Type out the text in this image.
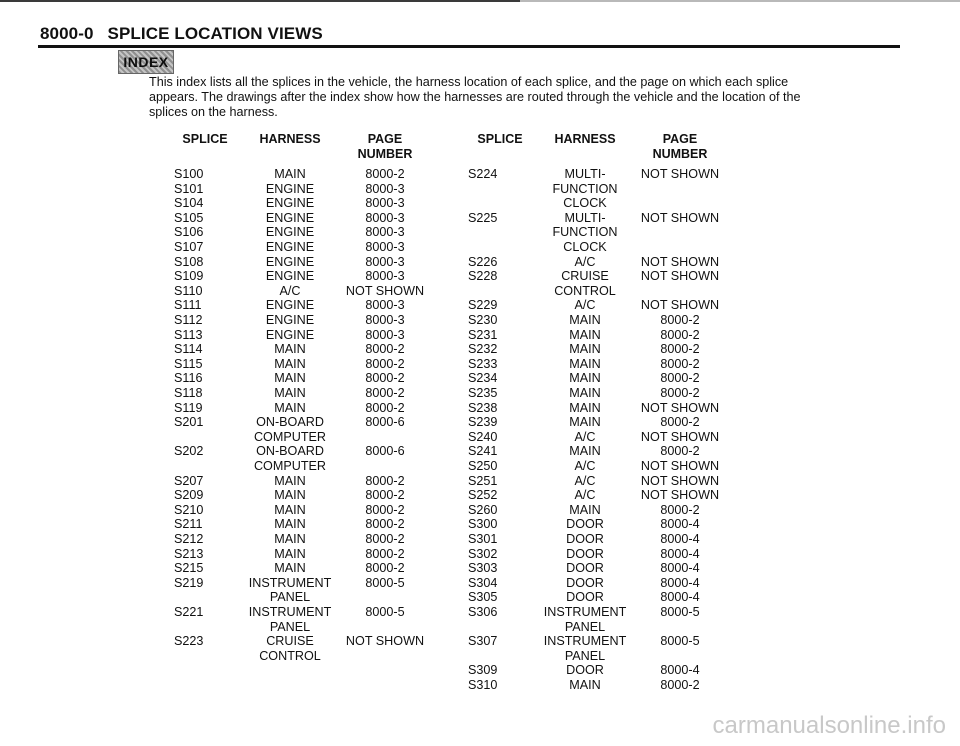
8000-0 SPLICE LOCATION VIEWS
INDEX
This index lists all the splices in the vehicle, the harness location of each splice, and the page on which each splice appears. The drawings after the index show how the harnesses are routed through the vehicle and the location of the splices on the harness.
SPLICE	HARNESS	PAGE
NUMBER
SPLICE	HARNESS	PAGE
NUMBER
S100	MAIN	8000-2
S101	ENGINE	8000-3
S104	ENGINE	8000-3
S105	ENGINE	8000-3
S106	ENGINE	8000-3
S107	ENGINE	8000-3
S108	ENGINE	8000-3
S109	ENGINE	8000-3
S110	A/C	NOT SHOWN
S111	ENGINE	8000-3
S112	ENGINE	8000-3
S113	ENGINE	8000-3
S114	MAIN	8000-2
S115	MAIN	8000-2
S116	MAIN	8000-2
S118	MAIN	8000-2
S119	MAIN	8000-2
S201	ON-BOARD
COMPUTER
8000-6
S202	ON-BOARD
COMPUTER
8000-6
S207	MAIN	8000-2
S209	MAIN	8000-2
S210	MAIN	8000-2
S211	MAIN	8000-2
S212	MAIN	8000-2
S213	MAIN	8000-2
S215	MAIN	8000-2
S219	INSTRUMENT
PANEL
8000-5
S221	INSTRUMENT
PANEL
8000-5
S223	CRUISE
CONTROL
NOT SHOWN
S224	MULTI-
FUNCTION
CLOCK
NOT SHOWN
S225	MULTI-
FUNCTION
CLOCK
NOT SHOWN
S226	A/C	NOT SHOWN
S228	CRUISE
CONTROL
NOT SHOWN
S229	A/C	NOT SHOWN
S230	MAIN	8000-2
S231	MAIN	8000-2
S232	MAIN	8000-2
S233	MAIN	8000-2
S234	MAIN	8000-2
S235	MAIN	8000-2
S238	MAIN	NOT SHOWN
S239	MAIN	8000-2
S240	A/C	NOT SHOWN
S241	MAIN	8000-2
S250	A/C	NOT SHOWN
S251	A/C	NOT SHOWN
S252	A/C	NOT SHOWN
S260	MAIN	8000-2
S300	DOOR	8000-4
S301	DOOR	8000-4
S302	DOOR	8000-4
S303	DOOR	8000-4
S304	DOOR	8000-4
S305	DOOR	8000-4
S306	INSTRUMENT
PANEL
8000-5
S307	INSTRUMENT
PANEL
8000-5
S309	DOOR	8000-4
S310	MAIN	8000-2
carmanualsonline.info
